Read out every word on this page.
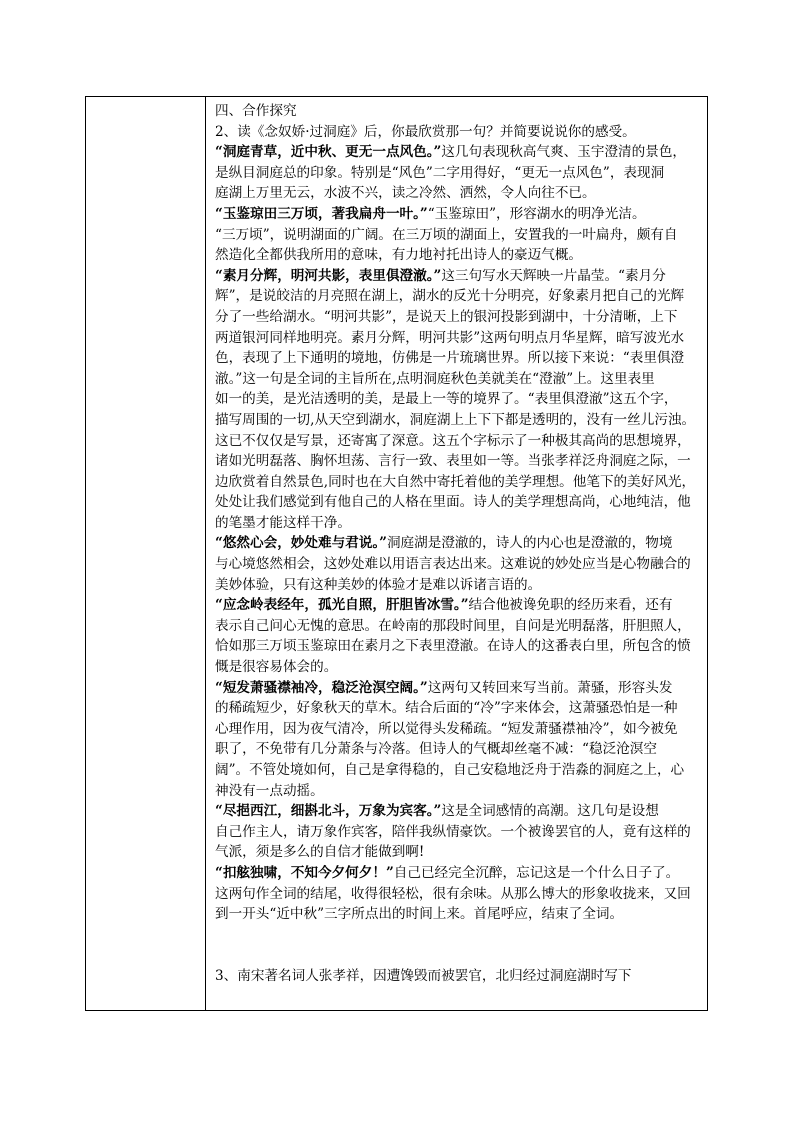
四、合作探究
2、读《念奴娇·过洞庭》后，你最欣赏那一句？并简要说说你的感受。
“洞庭青草，近中秋、更无一点风色。”这几句表现秋高气爽、玉宇澄清的景色，
是纵目洞庭总的印象。特别是“风色”二字用得好，“更无一点风色”，表现洞
庭湖上万里无云，水波不兴，读之冷然、洒然，令人向往不已。
“玉鉴琼田三万顷，著我扁舟一叶。”“玉鉴琼田”，形容湖水的明净光洁。
“三万顷”，说明湖面的广阔。在三万顷的湖面上，安置我的一叶扁舟，颇有自
然造化全都供我所用的意味，有力地衬托出诗人的豪迈气概。
“素月分辉，明河共影，表里俱澄澈。”这三句写水天辉映一片晶莹。“素月分
辉”，是说皎洁的月亮照在湖上，湖水的反光十分明亮，好象素月把自己的光辉
分了一些给湖水。“明河共影”，是说天上的银河投影到湖中，十分清晰，上下
两道银河同样地明亮。素月分辉，明河共影”这两句明点月华星辉，暗写波光水
色，表现了上下通明的境地，仿佛是一片琉璃世界。所以接下来说：“表里俱澄
澈。”这一句是全词的主旨所在,点明洞庭秋色美就美在“澄澈”上。这里表里
如一的美，是光洁透明的美，是最上一等的境界了。“表里俱澄澈”这五个字，
描写周围的一切,从天空到湖水，洞庭湖上上下下都是透明的，没有一丝儿污浊。
这已不仅仅是写景，还寄寓了深意。这五个字标示了一种极其高尚的思想境界，
诸如光明磊落、胸怀坦荡、言行一致、表里如一等。当张孝祥泛舟洞庭之际，一
边欣赏着自然景色,同时也在大自然中寄托着他的美学理想。他笔下的美好风光，
处处让我们感觉到有他自己的人格在里面。诗人的美学理想高尚，心地纯洁，他
的笔墨才能这样干净。
“悠然心会，妙处难与君说。”洞庭湖是澄澈的，诗人的内心也是澄澈的，物境
与心境悠然相会，这妙处难以用语言表达出来。这难说的妙处应当是心物融合的
美妙体验，只有这种美妙的体验才是难以诉诸言语的。
“应念岭表经年，孤光自照，肝胆皆冰雪。”结合他被谗免职的经历来看，还有
表示自己问心无愧的意思。在岭南的那段时间里，自问是光明磊落，肝胆照人，
恰如那三万顷玉鉴琼田在素月之下表里澄澈。在诗人的这番表白里，所包含的愤
慨是很容易体会的。
“短发萧骚襟袖冷，稳泛沧溟空阔。”这两句又转回来写当前。萧骚，形容头发
的稀疏短少，好象秋天的草木。结合后面的“冷”字来体会，这萧骚恐怕是一种
心理作用，因为夜气清冷，所以觉得头发稀疏。“短发萧骚襟袖冷”，如今被免
职了，不免带有几分萧条与冷落。但诗人的气概却丝毫不减：“稳泛沧溟空
阔”。不管处境如何，自己是拿得稳的，自己安稳地泛舟于浩淼的洞庭之上，心
神没有一点动摇。
“尽挹西江，细斟北斗，万象为宾客。”这是全词感情的高潮。这几句是设想
自己作主人，请万象作宾客，陪伴我纵情豪饮。一个被谗罢官的人，竟有这样的
气派，须是多么的自信才能做到啊!
“扣舷独啸，不知今夕何夕！”自己已经完全沉醉，忘记这是一个什么日子了。
这两句作全词的结尾，收得很轻松，很有余味。从那么博大的形象收拢来，又回
到一开头“近中秋”三字所点出的时间上来。首尾呼应，结束了全词。
3、南宋著名词人张孝祥，因遭馋毁而被罢官，北归经过洞庭湖时写下
